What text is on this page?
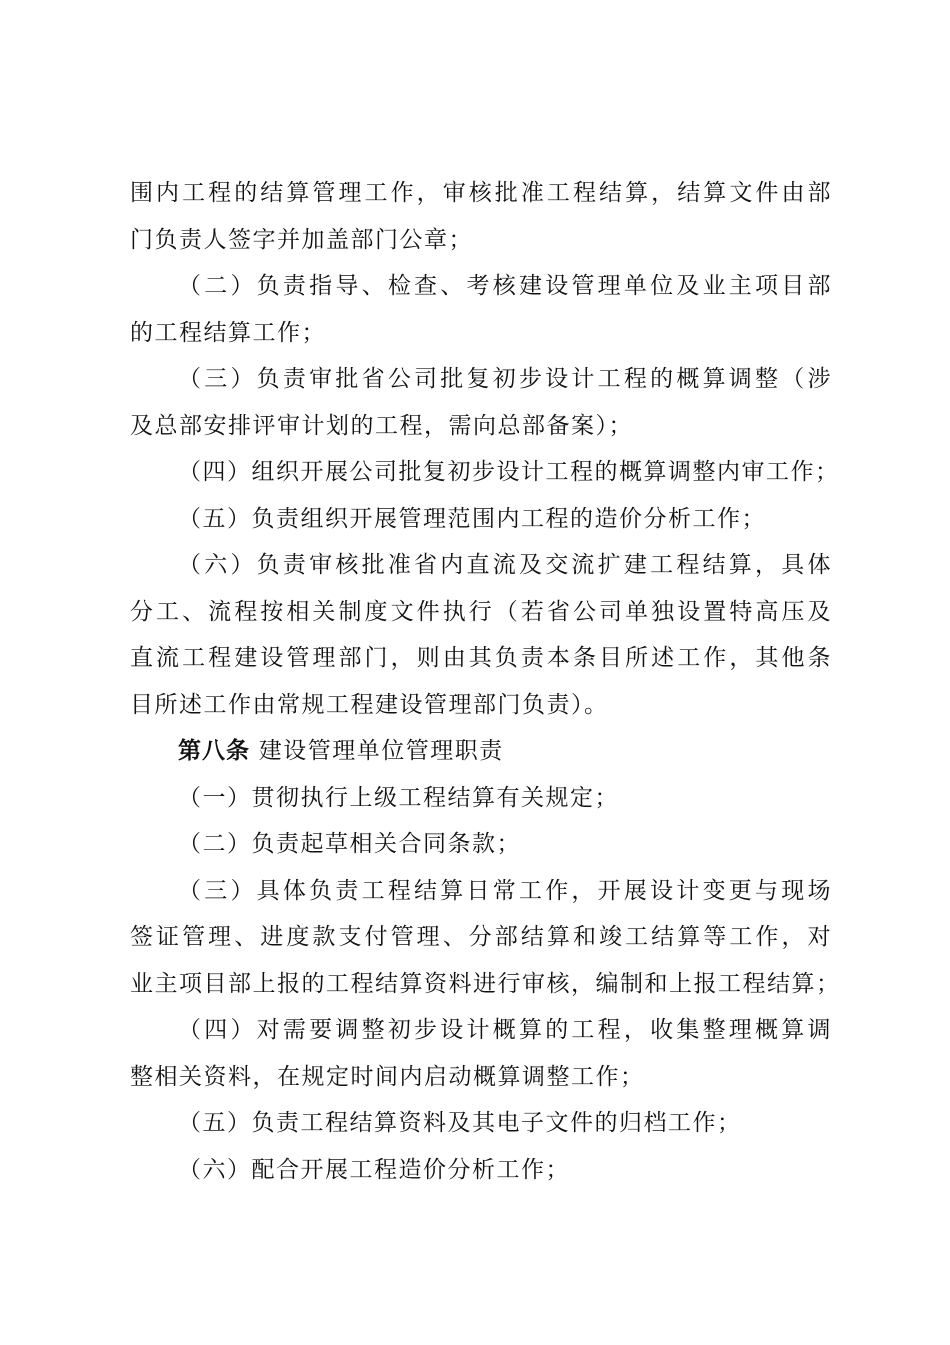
围内工程的结算管理工作，审核批准工程结算，结算文件由部
门负责人签字并加盖部门公章；
（二）负责指导、检查、考核建设管理单位及业主项目部
的工程结算工作；
（三）负责审批省公司批复初步设计工程的概算调整（涉
及总部安排评审计划的工程，需向总部备案）；
（四）组织开展公司批复初步设计工程的概算调整内审工作；
（五）负责组织开展管理范围内工程的造价分析工作；
（六）负责审核批准省内直流及交流扩建工程结算，具体
分工、流程按相关制度文件执行（若省公司单独设置特高压及
直流工程建设管理部门，则由其负责本条目所述工作，其他条
目所述工作由常规工程建设管理部门负责）。
第八条 建设管理单位管理职责
（一）贯彻执行上级工程结算有关规定；
（二）负责起草相关合同条款；
（三）具体负责工程结算日常工作，开展设计变更与现场
签证管理、进度款支付管理、分部结算和竣工结算等工作，对
业主项目部上报的工程结算资料进行审核，编制和上报工程结算；
（四）对需要调整初步设计概算的工程，收集整理概算调
整相关资料，在规定时间内启动概算调整工作；
（五）负责工程结算资料及其电子文件的归档工作；
（六）配合开展工程造价分析工作；
